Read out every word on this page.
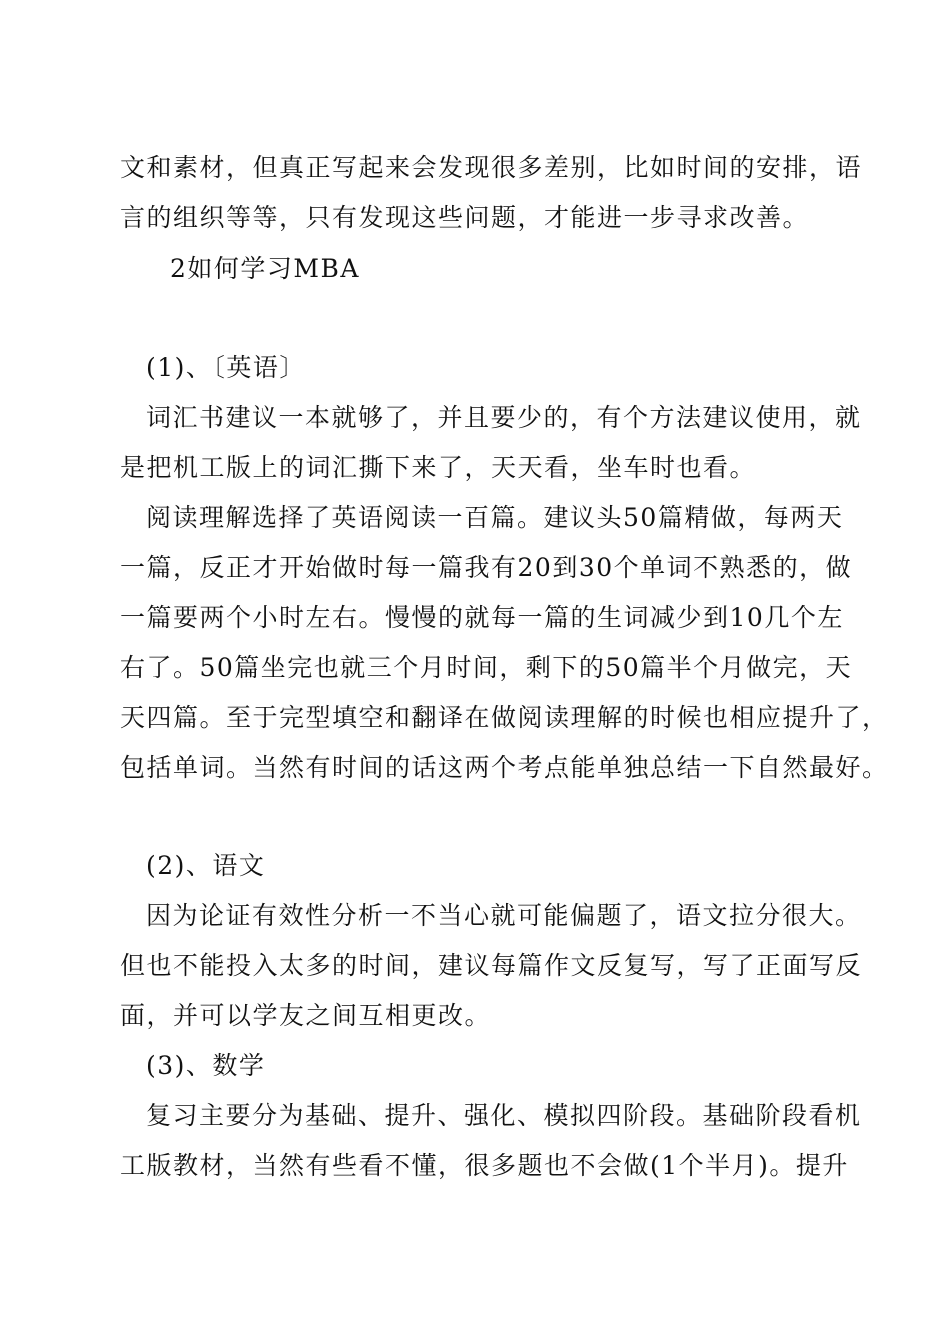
文和素材，但真正写起来会发现很多差别，比如时间的安排，语
言的组织等等，只有发现这些问题，才能进一步寻求改善。
2如何学习MBA
(1)、〔英语〕
词汇书建议一本就够了，并且要少的，有个方法建议使用，就
是把机工版上的词汇撕下来了，天天看，坐车时也看。
阅读理解选择了英语阅读一百篇。建议头50篇精做，每两天
一篇，反正才开始做时每一篇我有20到30个单词不熟悉的，做
一篇要两个小时左右。慢慢的就每一篇的生词减少到10几个左
右了。50篇坐完也就三个月时间，剩下的50篇半个月做完，天
天四篇。至于完型填空和翻译在做阅读理解的时候也相应提升了，
包括单词。当然有时间的话这两个考点能单独总结一下自然最好。
(2)、语文
因为论证有效性分析一不当心就可能偏题了，语文拉分很大。
但也不能投入太多的时间，建议每篇作文反复写，写了正面写反
面，并可以学友之间互相更改。
(3)、数学
复习主要分为基础、提升、强化、模拟四阶段。基础阶段看机
工版教材，当然有些看不懂，很多题也不会做(1个半月)。提升
